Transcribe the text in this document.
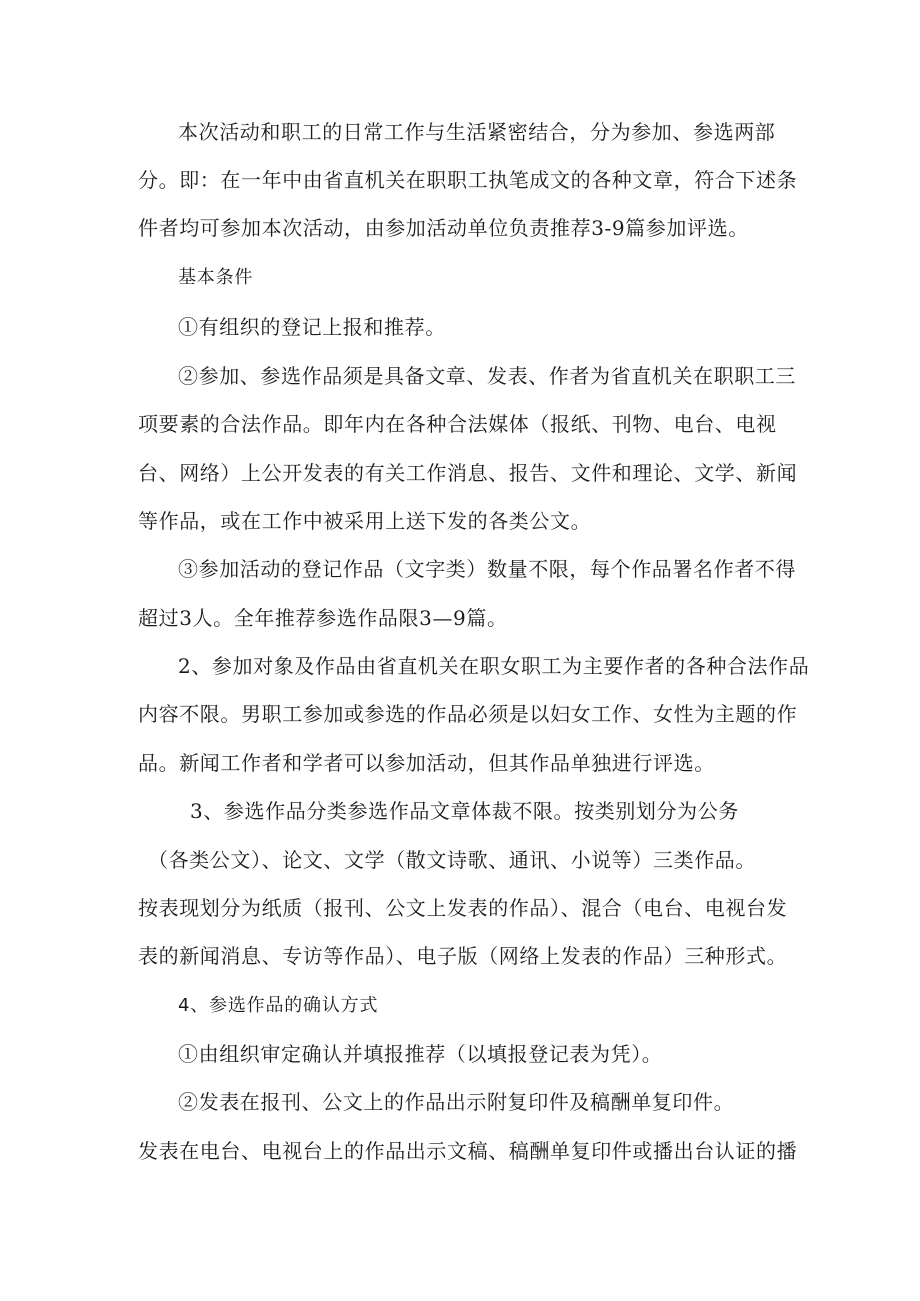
本次活动和职工的日常工作与生活紧密结合，分为参加、参选两部
分。即：在一年中由省直机关在职职工执笔成文的各种文章，符合下述条
件者均可参加本次活动，由参加活动单位负责推荐3-9篇参加评选。
基本条件
①有组织的登记上报和推荐。
②参加、参选作品须是具备文章、发表、作者为省直机关在职职工三
项要素的合法作品。即年内在各种合法媒体（报纸、刊物、电台、电视
台、网络）上公开发表的有关工作消息、报告、文件和理论、文学、新闻
等作品，或在工作中被采用上送下发的各类公文。
③参加活动的登记作品（文字类）数量不限，每个作品署名作者不得
超过3人。全年推荐参选作品限3—9篇。
2、参加对象及作品由省直机关在职女职工为主要作者的各种合法作品
内容不限。男职工参加或参选的作品必须是以妇女工作、女性为主题的作
品。新闻工作者和学者可以参加活动，但其作品单独进行评选。
3、参选作品分类参选作品文章体裁不限。按类别划分为公务
（各类公文）、论文、文学（散文诗歌、通讯、小说等）三类作品。
按表现划分为纸质（报刊、公文上发表的作品）、混合（电台、电视台发
表的新闻消息、专访等作品）、电子版（网络上发表的作品）三种形式。
4、参选作品的确认方式
①由组织审定确认并填报推荐（以填报登记表为凭）。
②发表在报刊、公文上的作品出示附复印件及稿酬单复印件。
发表在电台、电视台上的作品出示文稿、稿酬单复印件或播出台认证的播
